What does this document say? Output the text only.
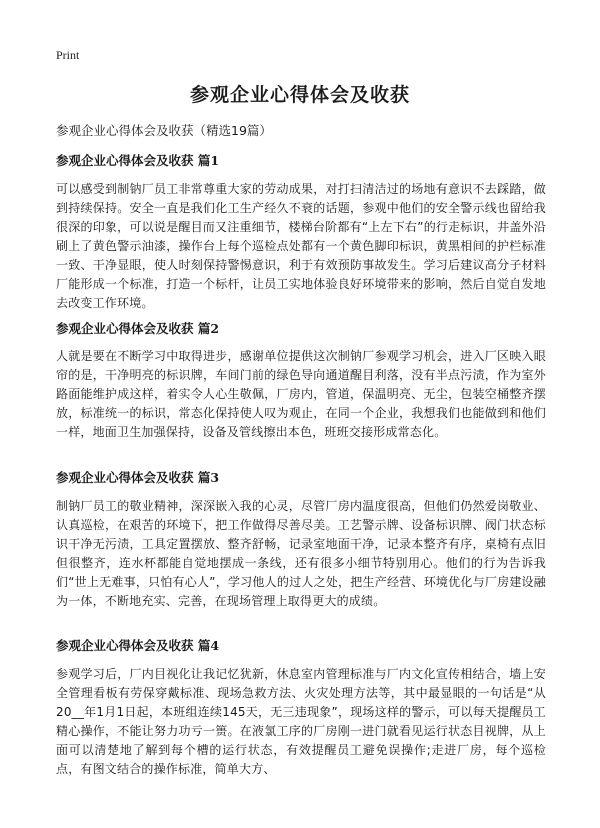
Print
参观企业心得体会及收获

参观企业心得体会及收获（精选19篇）

参观企业心得体会及收获 篇1

可以感受到制钠厂员工非常尊重大家的劳动成果，对打扫清洁过的场地有意识不去踩踏，做到持续保持。安全一直是我们化工生产经久不衰的话题，参观中他们的安全警示线也留给我很深的印象，可以说是醒目而又注重细节，楼梯台阶都有“上左下右”的行走标识，井盖外沿刷上了黄色警示油漆，操作台上每个巡检点处都有一个黄色脚印标识，黄黑相间的护栏标准一致、干净显眼，使人时刻保持警惕意识，利于有效预防事故发生。学习后建议高分子材料厂能形成一个标准，打造一个标杆，让员工实地体验良好环境带来的影响，然后自觉自发地去改变工作环境。

参观企业心得体会及收获 篇2

人就是要在不断学习中取得进步，感谢单位提供这次制钠厂参观学习机会，进入厂区映入眼帘的是，干净明亮的标识牌，车间门前的绿色导向通道醒目利落，没有半点污渍，作为室外路面能维护成这样，着实令人心生敬佩，厂房内，管道，保温明亮、无尘，包装空桶整齐摆放，标准统一的标识，常态化保持使人叹为观止，在同一个企业，我想我们也能做到和他们一样，地面卫生加强保持，设备及管线擦出本色，班班交接形成常态化。

参观企业心得体会及收获 篇3

制钠厂员工的敬业精神，深深嵌入我的心灵，尽管厂房内温度很高，但他们仍然爱岗敬业、认真巡检，在艰苦的环境下，把工作做得尽善尽美。工艺警示牌、设备标识牌、阀门状态标识干净无污渍，工具定置摆放、整齐舒畅，记录室地面干净，记录本整齐有序，桌椅有点旧但很整齐，连水杯都能自觉地摆成一条线，还有很多小细节特别用心。他们的行为告诉我们“世上无难事，只怕有心人”，学习他人的过人之处，把生产经营、环境优化与厂房建设融为一体，不断地充实、完善，在现场管理上取得更大的成绩。

参观企业心得体会及收获 篇4

参观学习后，厂内目视化让我记忆犹新，休息室内管理标准与厂内文化宣传相结合，墙上安全管理看板有劳保穿戴标准、现场急救方法、火灾处理方法等，其中最显眼的一句话是“从20__年1月1日起，本班组连续145天，无三违现象”，现场这样的警示，可以每天提醒员工精心操作，不能让努力功亏一篑。在液氯工序的厂房刚一进门就看见运行状态目视牌，从上面可以清楚地了解到每个槽的运行状态，有效提醒员工避免误操作;走进厂房，每个巡检点，有图文结合的操作标准，简单大方、
